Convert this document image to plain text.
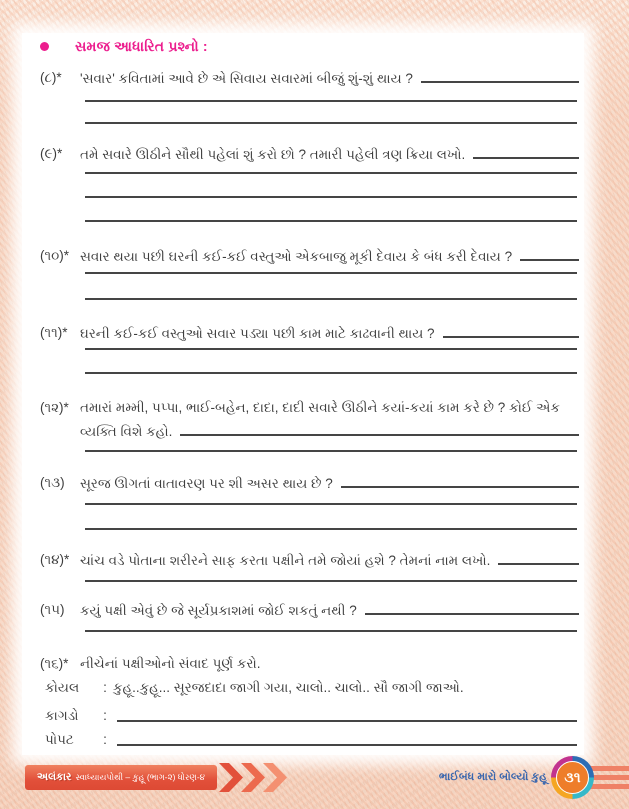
સમજ આધારિત પ્રશ્નો :
(૮)* 'સવાર' કવિતામાં આવે છે એ સિવાય સવારમાં બીજું શું-શું થાય ?
(૯)* તમે સવારે ઊઠીને સૌથી પહેલાં શું કરો છો ? તમારી પહેલી ત્રણ ક્રિયા લખો.
(૧૦)* સવાર થયા પછી ઘરની કઈ-કઈ વસ્તુઓ એકબાજુ મૂકી દેવાય કે બંધ કરી દેવાય ?
(૧૧)* ઘરની કઈ-કઈ વસ્તુઓ સવાર પડ્યા પછી કામ માટે કાઢવાની થાય ?
(૧૨)* તમારાં મમ્મી, પપ્પા, ભાઈ-બહેન, દાદા, દાદી સવારે ઊઠીને કયાં-કયાં કામ કરે છે ? કોઈ એક વ્યક્તિ વિશે કહો.
(૧૩) સૂરજ ઊગતાં વાતાવરણ પર શી અસર થાય છે ?
(૧૪)* ચાંચ વડે પોતાના શરીરને સાફ કરતા પક્ષીને તમે જોયાં હશે ? તેમનાં નામ લખો.
(૧૫) કયું પક્ષી એવું છે જે સૂર્યપ્રકાશમાં જોઈ શકતું નથી ?
(૧૬)* નીચેનાં પક્ષીઓનો સંવાદ પૂર્ણ કરો.
કોયલ	: કુહૂ..કુહૂ... સૂરજદાદા જાગી ગયા, ચાલો.. ચાલો.. સૌ જાગી જાઓ.
કાગડો	:
પોપટ	:
અલંકાર સ્વાધ્યાયપોથી – કુહૂ (ભાગ-૨) ધોરણ-૪	ભાઈબંધ મારો બોલ્યો કુહૂ	૩૧
